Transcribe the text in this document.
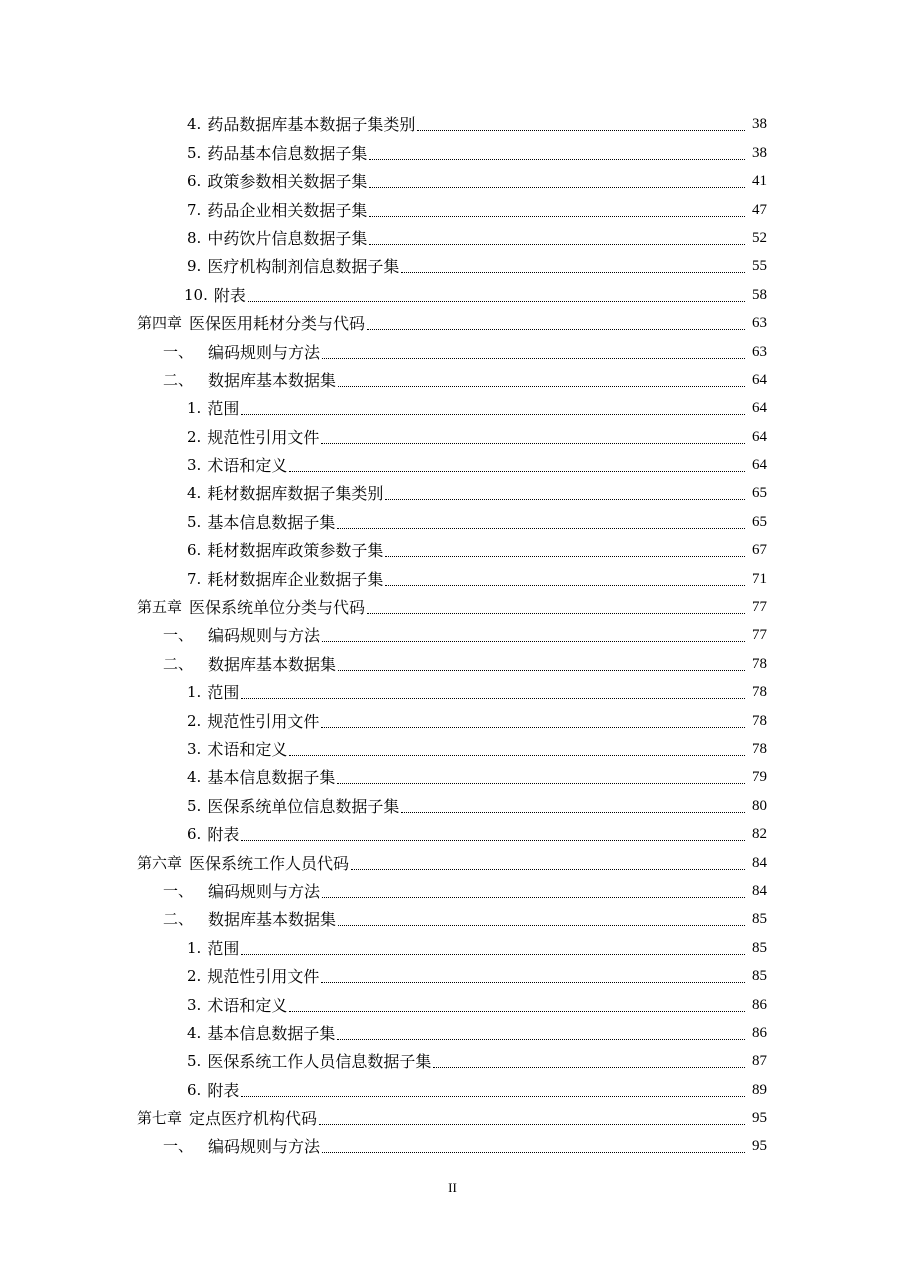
4. 药品数据库基本数据子集类别	38
5. 药品基本信息数据子集	38
6. 政策参数相关数据子集	41
7. 药品企业相关数据子集	47
8. 中药饮片信息数据子集	52
9. 医疗机构制剂信息数据子集	55
10. 附表	58
第四章 医保医用耗材分类与代码	63
一、 编码规则与方法	63
二、 数据库基本数据集	64
1. 范围	64
2. 规范性引用文件	64
3. 术语和定义	64
4. 耗材数据库数据子集类别	65
5. 基本信息数据子集	65
6. 耗材数据库政策参数子集	67
7. 耗材数据库企业数据子集	71
第五章 医保系统单位分类与代码	77
一、 编码规则与方法	77
二、 数据库基本数据集	78
1. 范围	78
2. 规范性引用文件	78
3. 术语和定义	78
4. 基本信息数据子集	79
5. 医保系统单位信息数据子集	80
6. 附表	82
第六章 医保系统工作人员代码	84
一、 编码规则与方法	84
二、 数据库基本数据集	85
1. 范围	85
2. 规范性引用文件	85
3. 术语和定义	86
4. 基本信息数据子集	86
5. 医保系统工作人员信息数据子集	87
6. 附表	89
第七章 定点医疗机构代码	95
一、 编码规则与方法	95
II
